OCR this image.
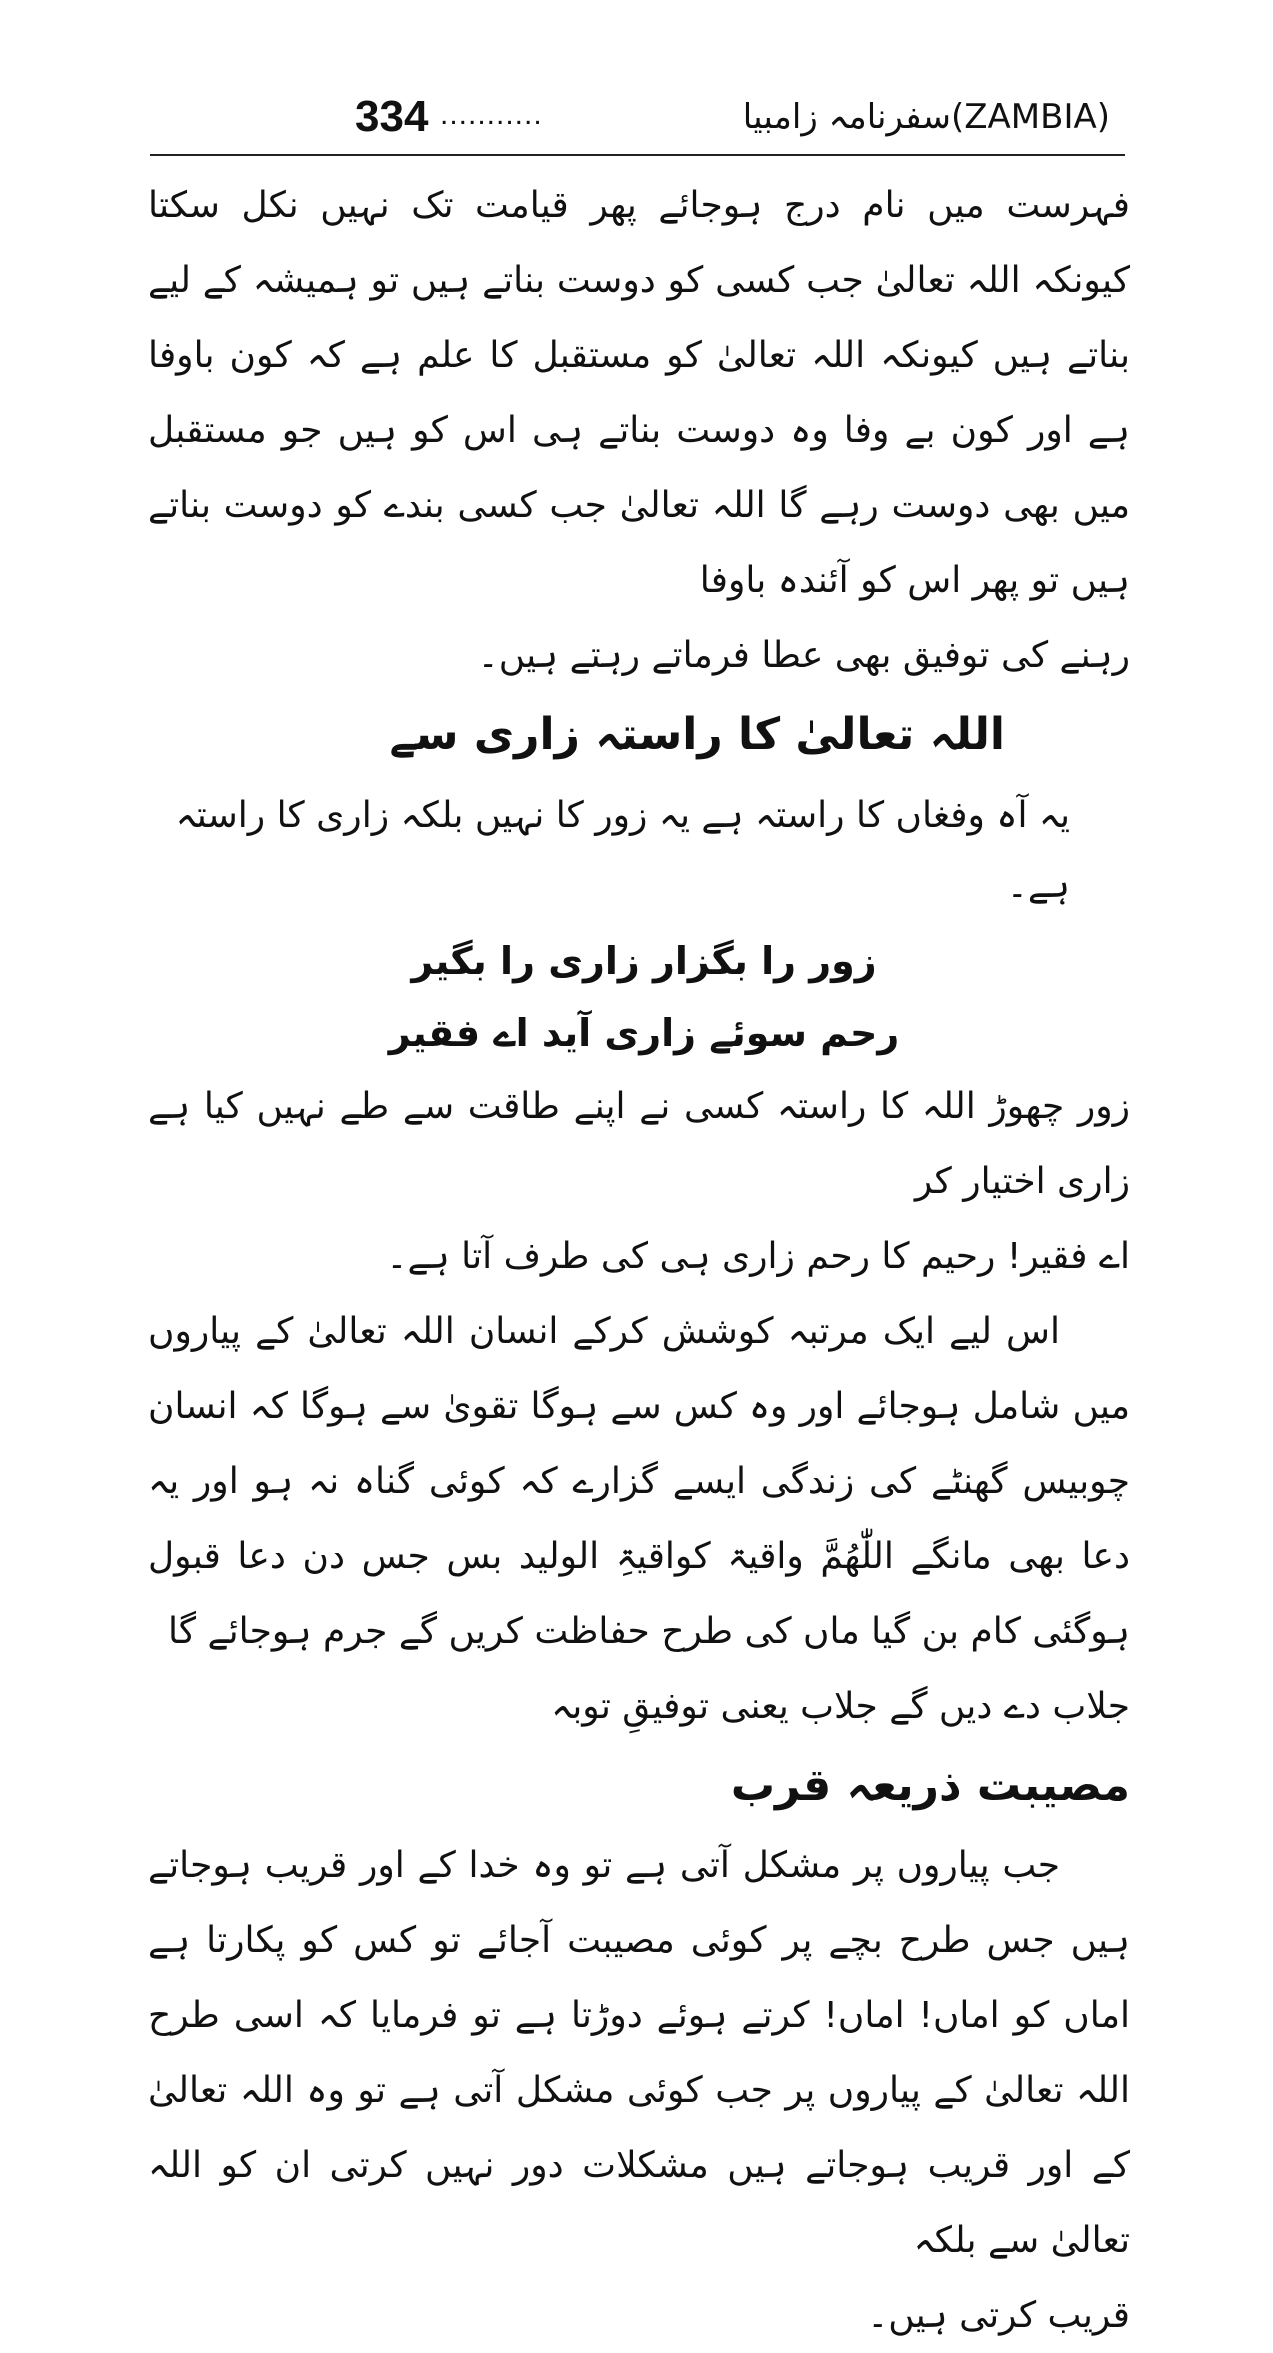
334 ...........	سفرنامہ زامبیا(ZAMBIA)

فہرست میں نام درج ہوجائے پھر قیامت تک نہیں نکل سکتا کیونکہ اللہ تعالیٰ جب کسی کو دوست بناتے ہیں تو ہمیشہ کے لیے بناتے ہیں کیونکہ اللہ تعالیٰ کو مستقبل کا علم ہے کہ کون باوفا ہے اور کون بے وفا وہ دوست بناتے ہی اس کو ہیں جو مستقبل میں بھی دوست رہے گا اللہ تعالیٰ جب کسی بندے کو دوست بناتے ہیں تو پھر اس کو آئندہ باوفا
رہنے کی توفیق بھی عطا فرماتے رہتے ہیں۔

اللہ تعالیٰ کا راستہ زاری سے

یہ آہ وفغاں کا راستہ ہے یہ زور کا نہیں بلکہ زاری کا راستہ ہے۔

زور را بگزار زاری را بگیر

رحم سوئے زاری آید اے فقیر

زور چھوڑ اللہ کا راستہ کسی نے اپنے طاقت سے طے نہیں کیا ہے زاری اختیار کر
اے فقیر! رحیم کا رحم زاری ہی کی طرف آتا ہے۔

اس لیے ایک مرتبہ کوشش کرکے انسان اللہ تعالیٰ کے پیاروں میں شامل ہوجائے اور وہ کس سے ہوگا تقویٰ سے ہوگا کہ انسان چوبیس گھنٹے کی زندگی ایسے گزارے کہ کوئی گناہ نہ ہو اور یہ دعا بھی مانگے اللّٰھُمَّ واقیۃ کواقیۃِ الولید بس جس دن دعا قبول ہوگئی کام بن گیا ماں کی طرح حفاظت کریں گے جرم ہوجائے گا
جلاب دے دیں گے جلاب یعنی توفیقِ توبہ

مصیبت ذریعہ قرب

جب پیاروں پر مشکل آتی ہے تو وہ خدا کے اور قریب ہوجاتے ہیں جس طرح بچے پر کوئی مصیبت آجائے تو کس کو پکارتا ہے اماں کو اماں! اماں! کرتے ہوئے دوڑتا ہے تو فرمایا کہ اسی طرح اللہ تعالیٰ کے پیاروں پر جب کوئی مشکل آتی ہے تو وہ اللہ تعالیٰ کے اور قریب ہوجاتے ہیں مشکلات دور نہیں کرتی ان کو اللہ تعالیٰ سے بلکہ
قریب کرتی ہیں۔
